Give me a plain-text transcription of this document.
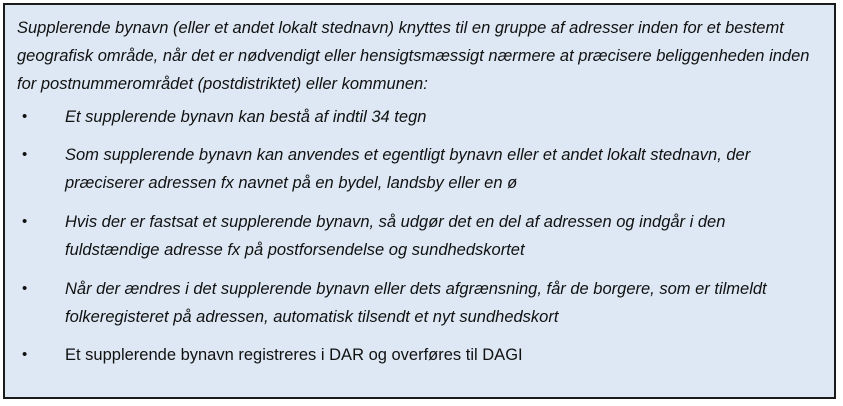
Supplerende bynavn (eller et andet lokalt stednavn) knyttes til en gruppe af adresser inden for et bestemt geografisk område, når det er nødvendigt eller hensigtsmæssigt nærmere at præcisere beliggenheden inden for postnummerområdet (postdistriktet) eller kommunen:

• Et supplerende bynavn kan bestå af indtil 34 tegn
• Som supplerende bynavn kan anvendes et egentligt bynavn eller et andet lokalt stednavn, der præciserer adressen fx navnet på en bydel, landsby eller en ø
• Hvis der er fastsat et supplerende bynavn, så udgør det en del af adressen og indgår i den fuldstændige adresse fx på postforsendelse og sundhedskortet
• Når der ændres i det supplerende bynavn eller dets afgrænsning, får de borgere, som er tilmeldt folkeregisteret på adressen, automatisk tilsendt et nyt sundhedskort
• Et supplerende bynavn registreres i DAR og overføres til DAGI
